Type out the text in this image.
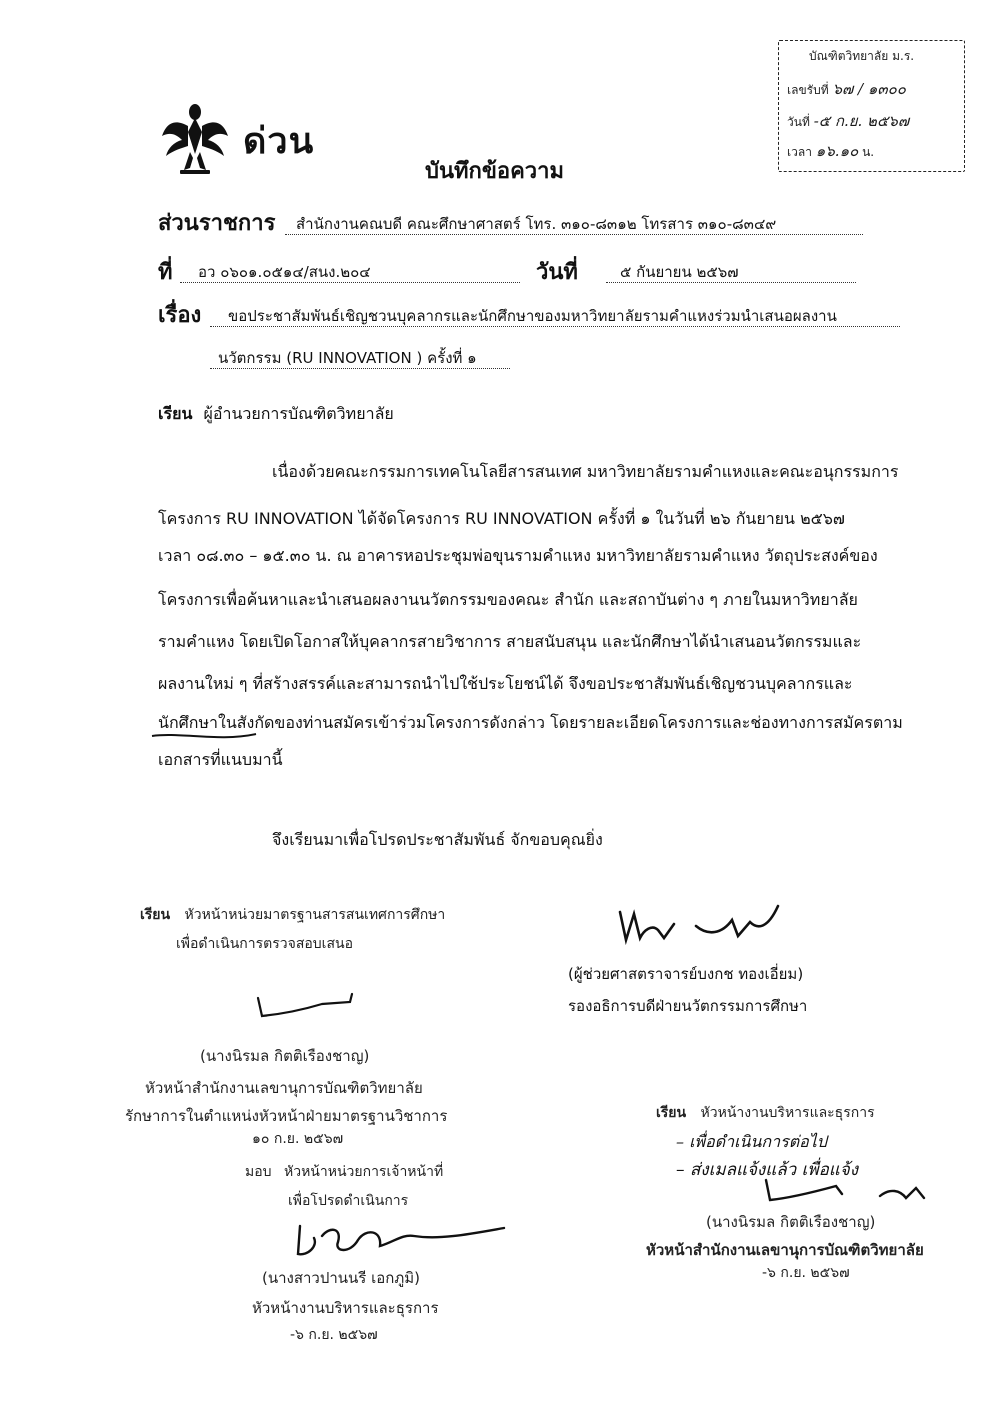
บัณฑิตวิทยาลัย ม.ร.
เลขรับที่ ๖๗ / ๑๓๐๐
วันที่ -๕ ก.ย. ๒๕๖๗
เวลา ๑๖.๑๐ น.
ด่วน
บันทึกข้อความ
ส่วนราชการ สำนักงานคณบดี คณะศึกษาศาสตร์ โทร. ๓๑๐-๘๓๑๒ โทรสาร ๓๑๐-๘๓๔๙
ที่ อว ๐๖๐๑.๐๕๑๔/สนง.๒๐๔	วันที่	๕ กันยายน ๒๕๖๗
เรื่อง ขอประชาสัมพันธ์เชิญชวนบุคลากรและนักศึกษาของมหาวิทยาลัยรามคำแหงร่วมนำเสนอผลงาน
นวัตกรรม (RU INNOVATION ) ครั้งที่ ๑
เรียน ผู้อำนวยการบัณฑิตวิทยาลัย
เนื่องด้วยคณะกรรมการเทคโนโลยีสารสนเทศ มหาวิทยาลัยรามคำแหงและคณะอนุกรรมการ
โครงการ RU INNOVATION ได้จัดโครงการ RU INNOVATION ครั้งที่ ๑ ในวันที่ ๒๖ กันยายน ๒๕๖๗
เวลา ๐๘.๓๐ – ๑๕.๓๐ น. ณ อาคารหอประชุมพ่อขุนรามคำแหง มหาวิทยาลัยรามคำแหง วัตถุประสงค์ของ
โครงการเพื่อค้นหาและนำเสนอผลงานนวัตกรรมของคณะ สำนัก และสถาบันต่าง ๆ ภายในมหาวิทยาลัย
รามคำแหง โดยเปิดโอกาสให้บุคลากรสายวิชาการ สายสนับสนุน และนักศึกษาได้นำเสนอนวัตกรรมและ
ผลงานใหม่ ๆ ที่สร้างสรรค์และสามารถนำไปใช้ประโยชน์ได้ จึงขอประชาสัมพันธ์เชิญชวนบุคลากรและ
นักศึกษาในสังกัดของท่านสมัครเข้าร่วมโครงการดังกล่าว โดยรายละเอียดโครงการและช่องทางการสมัครตาม
เอกสารที่แนบมานี้
จึงเรียนมาเพื่อโปรดประชาสัมพันธ์ จักขอบคุณยิ่ง
(ผู้ช่วยศาสตราจารย์บงกช ทองเอี่ยม)
รองอธิการบดีฝ่ายนวัตกรรมการศึกษา
เรียน หัวหน้าหน่วยมาตรฐานสารสนเทศการศึกษา
เพื่อดำเนินการตรวจสอบเสนอ
(นางนิรมล กิตติเรืองชาญ)
หัวหน้าสำนักงานเลขานุการบัณฑิตวิทยาลัย
รักษาการในตำแหน่งหัวหน้าฝ่ายมาตรฐานวิชาการ
๑๐ ก.ย. ๒๕๖๗
มอบ หัวหน้าหน่วยการเจ้าหน้าที่
เพื่อโปรดดำเนินการ
(นางสาวปานนรี เอกภูมิ)
หัวหน้างานบริหารและธุรการ
-๖ ก.ย. ๒๕๖๗
เรียน หัวหน้างานบริหารและธุรการ
– เพื่อดำเนินการต่อไป
– ส่งเมลแจ้งแล้ว เพื่อแจ้ง
(นางนิรมล กิตติเรืองชาญ)
หัวหน้าสำนักงานเลขานุการบัณฑิตวิทยาลัย
-๖ ก.ย. ๒๕๖๗
